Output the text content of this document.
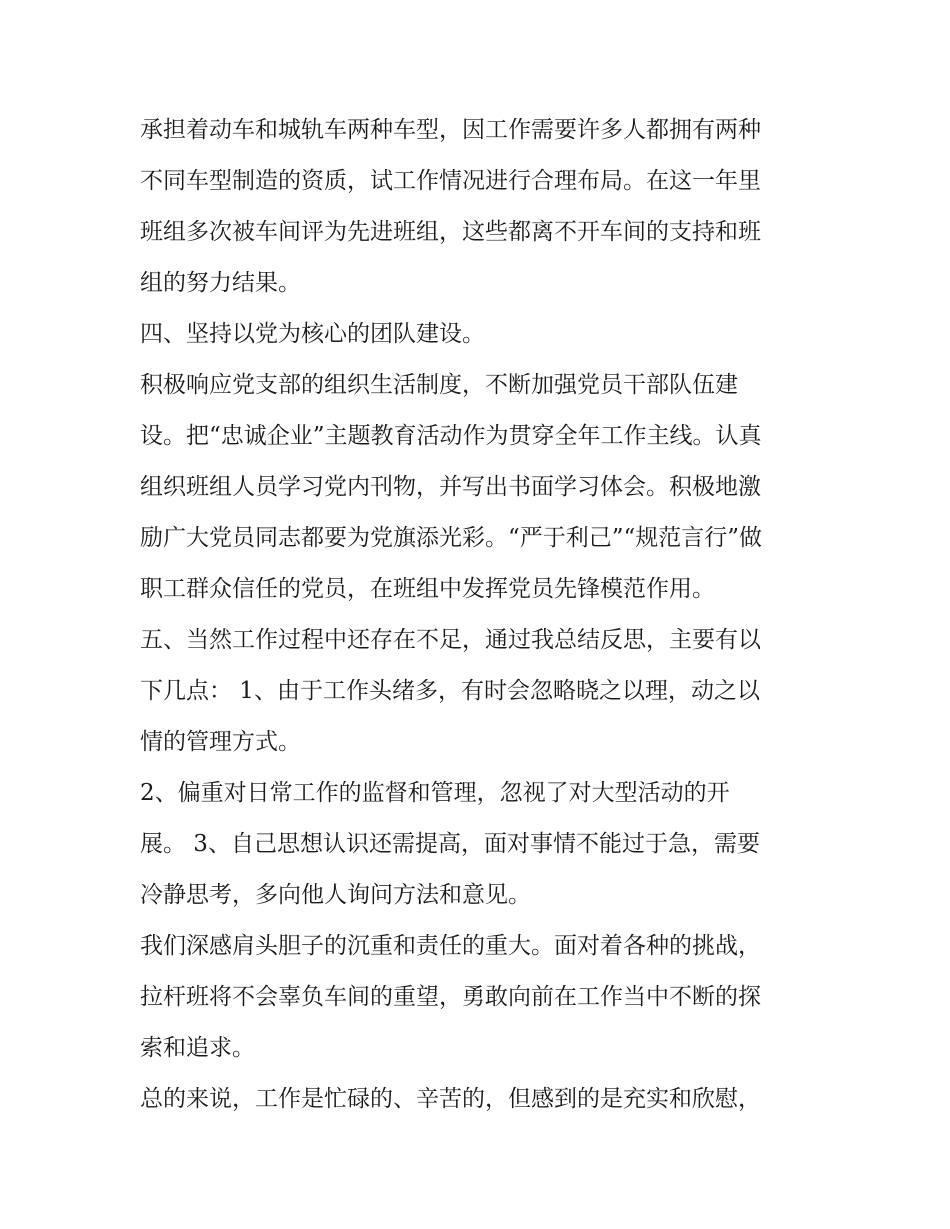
承担着动车和城轨车两种车型，因工作需要许多人都拥有两种
不同车型制造的资质，试工作情况进行合理布局。在这一年里
班组多次被车间评为先进班组，这些都离不开车间的支持和班
组的努力结果。
四、坚持以党为核心的团队建设。
积极响应党支部的组织生活制度，不断加强党员干部队伍建
设。把“忠诚企业”主题教育活动作为贯穿全年工作主线。认真
组织班组人员学习党内刊物，并写出书面学习体会。积极地激
励广大党员同志都要为党旗添光彩。“严于利己”“规范言行”做
职工群众信任的党员，在班组中发挥党员先锋模范作用。
五、当然工作过程中还存在不足，通过我总结反思，主要有以
下几点： 1、由于工作头绪多，有时会忽略晓之以理，动之以
情的管理方式。
2、偏重对日常工作的监督和管理，忽视了对大型活动的开
展。 3、自己思想认识还需提高，面对事情不能过于急，需要
冷静思考，多向他人询问方法和意见。
我们深感肩头胆子的沉重和责任的重大。面对着各种的挑战，
拉杆班将不会辜负车间的重望，勇敢向前在工作当中不断的探
索和追求。
总的来说，工作是忙碌的、辛苦的，但感到的是充实和欣慰，
